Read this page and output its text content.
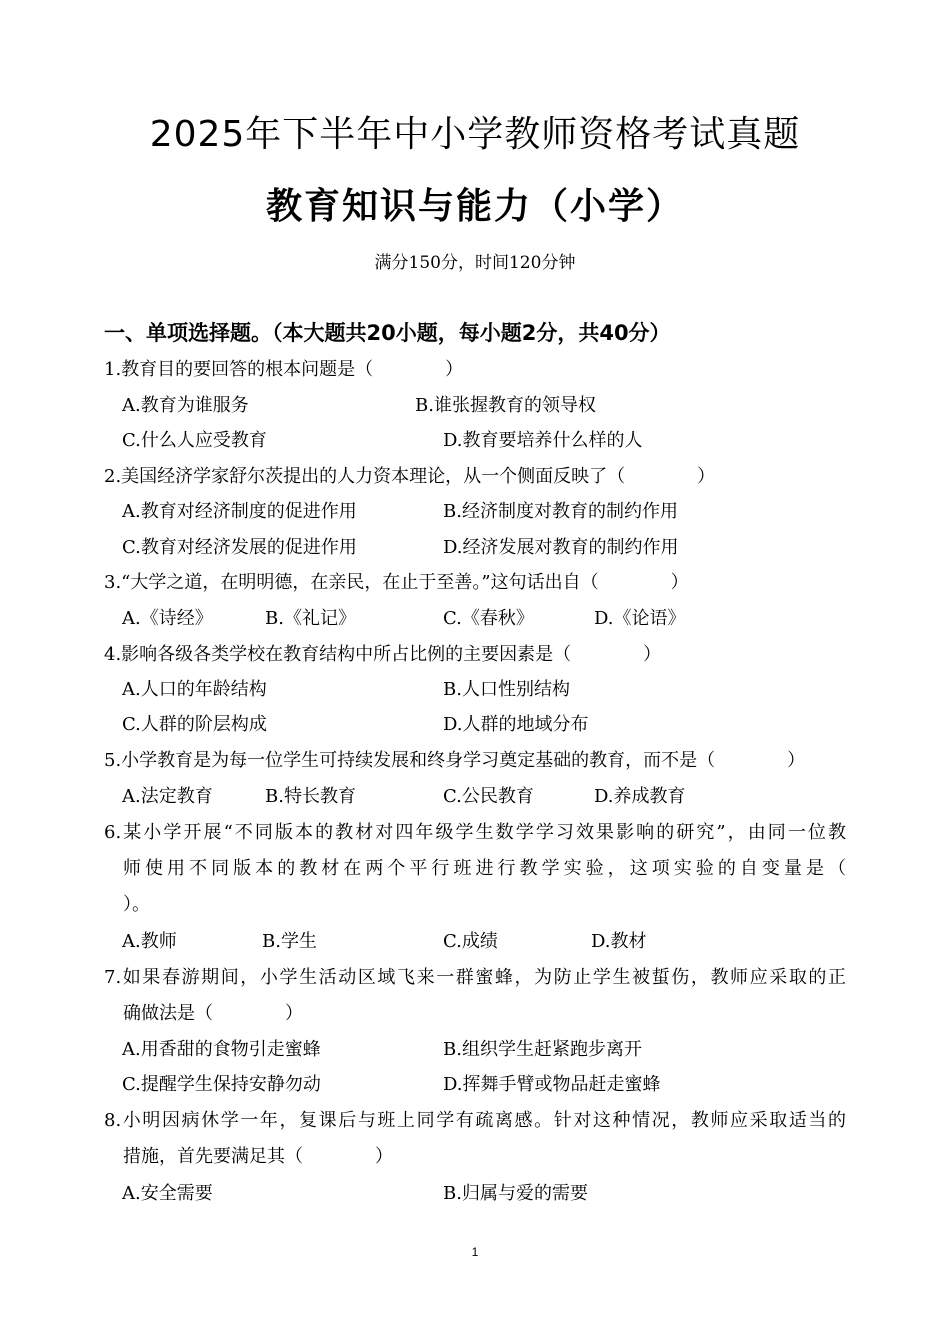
2025年下半年中小学教师资格考试真题
教育知识与能力（小学）
满分150分，时间120分钟
一、单项选择题。（本大题共20小题，每小题2分，共40分）
1.教育目的要回答的根本问题是（　　　　）
A.教育为谁服务	B.谁张握教育的领导权
C.什么人应受教育	D.教育要培养什么样的人
2.美国经济学家舒尔茨提出的人力资本理论，从一个侧面反映了（　　　　）
A.教育对经济制度的促进作用	B.经济制度对教育的制约作用
C.教育对经济发展的促进作用	D.经济发展对教育的制约作用
3.“大学之道，在明明德，在亲民，在止于至善。”这句话出自（　　　　）
A.《诗经》	B.《礼记》	C.《春秋》	D.《论语》
4.影响各级各类学校在教育结构中所占比例的主要因素是（　　　　）
A.人口的年龄结构	B.人口性别结构
C.人群的阶层构成	D.人群的地域分布
5.小学教育是为每一位学生可持续发展和终身学习奠定基础的教育，而不是（　　　　）
A.法定教育	B.特长教育	C.公民教育	D.养成教育
6.某小学开展“不同版本的教材对四年级学生数学学习效果影响的研究”，由同一位教
师使用不同版本的教材在两个平行班进行教学实验，这项实验的自变量是（
）。
A.教师	B.学生	C.成绩	D.教材
7.如果春游期间，小学生活动区域飞来一群蜜蜂，为防止学生被蜇伤，教师应采取的正
确做法是（　　　　）
A.用香甜的食物引走蜜蜂	B.组织学生赶紧跑步离开
C.提醒学生保持安静勿动	D.挥舞手臂或物品赶走蜜蜂
8.小明因病休学一年，复课后与班上同学有疏离感。针对这种情况，教师应采取适当的
措施，首先要满足其（　　　　）
A.安全需要	B.归属与爱的需要
1
